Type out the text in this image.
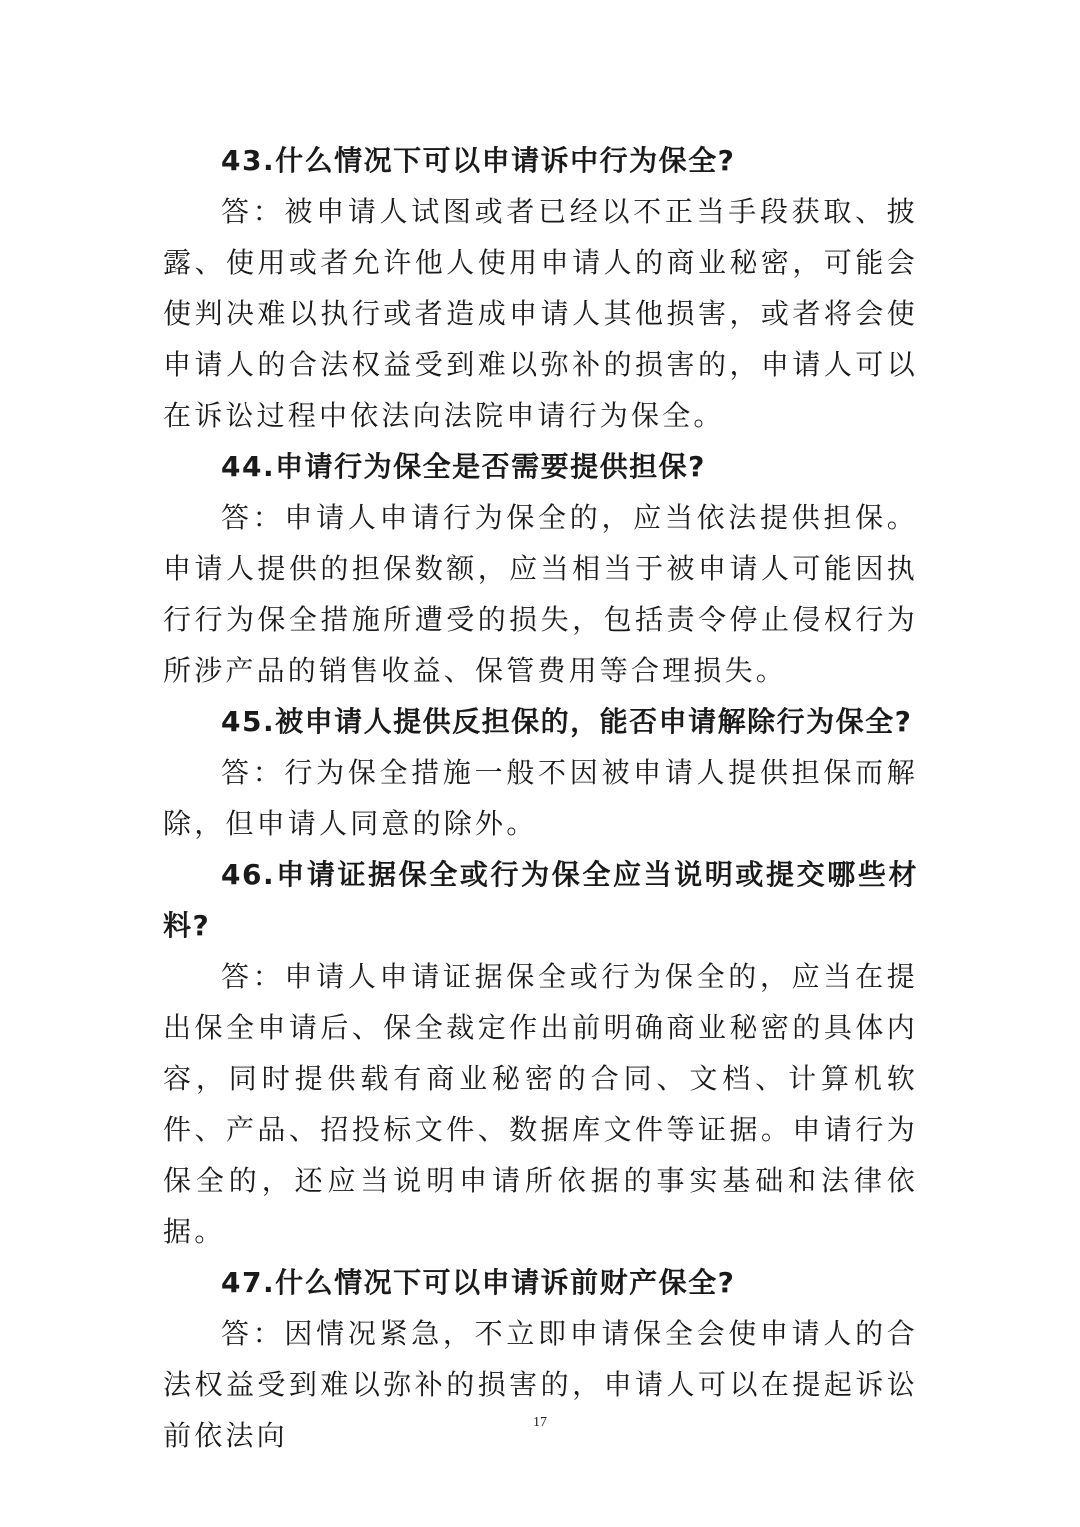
43.什么情况下可以申请诉中行为保全?

答：被申请人试图或者已经以不正当手段获取、披露、使用或者允许他人使用申请人的商业秘密，可能会使判决难以执行或者造成申请人其他损害，或者将会使申请人的合法权益受到难以弥补的损害的，申请人可以在诉讼过程中依法向法院申请行为保全。

44.申请行为保全是否需要提供担保?

答：申请人申请行为保全的，应当依法提供担保。申请人提供的担保数额，应当相当于被申请人可能因执行行为保全措施所遭受的损失，包括责令停止侵权行为所涉产品的销售收益、保管费用等合理损失。

45.被申请人提供反担保的，能否申请解除行为保全?

答：行为保全措施一般不因被申请人提供担保而解除，但申请人同意的除外。

46.申请证据保全或行为保全应当说明或提交哪些材料?

答：申请人申请证据保全或行为保全的，应当在提出保全申请后、保全裁定作出前明确商业秘密的具体内容，同时提供载有商业秘密的合同、文档、计算机软件、产品、招投标文件、数据库文件等证据。申请行为保全的，还应当说明申请所依据的事实基础和法律依据。

47.什么情况下可以申请诉前财产保全?

答：因情况紧急，不立即申请保全会使申请人的合法权益受到难以弥补的损害的，申请人可以在提起诉讼前依法向	17
